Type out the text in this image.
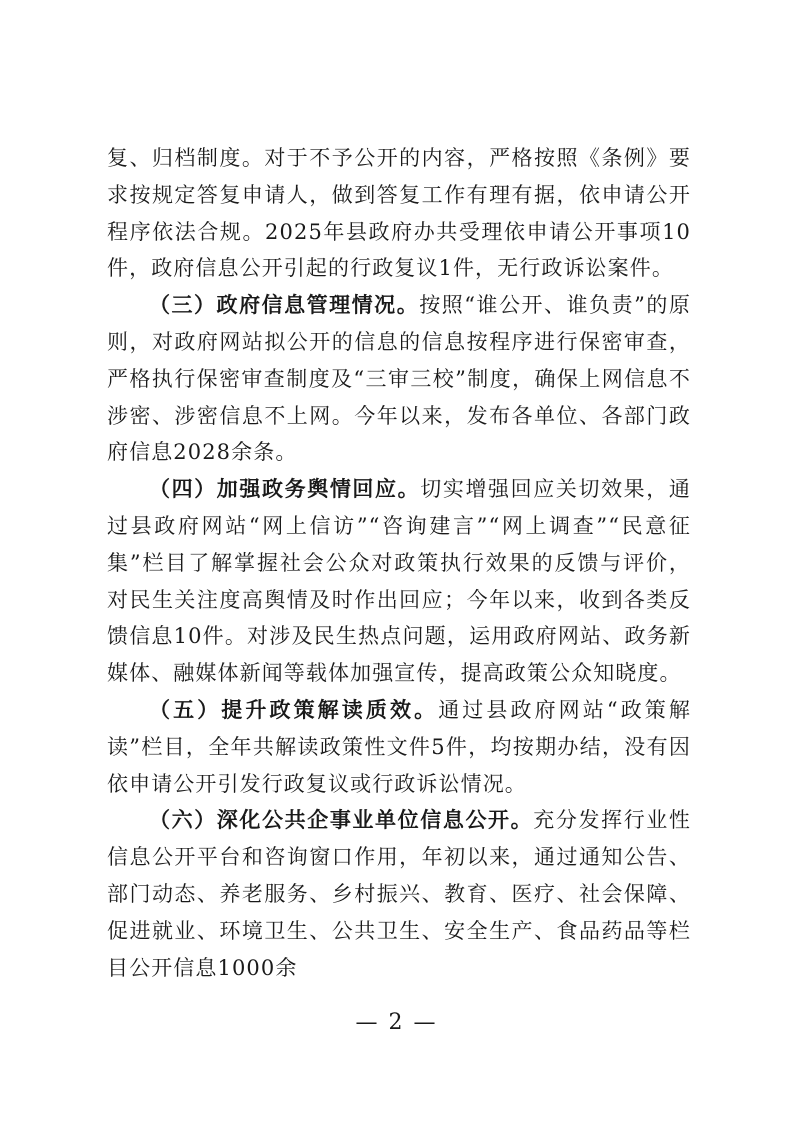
复、归档制度。对于不予公开的内容，严格按照《条例》要求按规定答复申请人，做到答复工作有理有据，依申请公开程序依法合规。2025年县政府办共受理依申请公开事项10件，政府信息公开引起的行政复议1件，无行政诉讼案件。

（三）政府信息管理情况。按照“谁公开、谁负责”的原则，对政府网站拟公开的信息的信息按程序进行保密审查，严格执行保密审查制度及“三审三校”制度，确保上网信息不涉密、涉密信息不上网。今年以来，发布各单位、各部门政府信息2028余条。

（四）加强政务舆情回应。切实增强回应关切效果，通过县政府网站“网上信访”“咨询建言”“网上调查”“民意征集”栏目了解掌握社会公众对政策执行效果的反馈与评价，对民生关注度高舆情及时作出回应；今年以来，收到各类反馈信息10件。对涉及民生热点问题，运用政府网站、政务新媒体、融媒体新闻等载体加强宣传，提高政策公众知晓度。

（五）提升政策解读质效。通过县政府网站“政策解读”栏目，全年共解读政策性文件5件，均按期办结，没有因依申请公开引发行政复议或行政诉讼情况。

（六）深化公共企事业单位信息公开。充分发挥行业性信息公开平台和咨询窗口作用，年初以来，通过通知公告、部门动态、养老服务、乡村振兴、教育、医疗、社会保障、促进就业、环境卫生、公共卫生、安全生产、食品药品等栏目公开信息1000余

— 2 —
